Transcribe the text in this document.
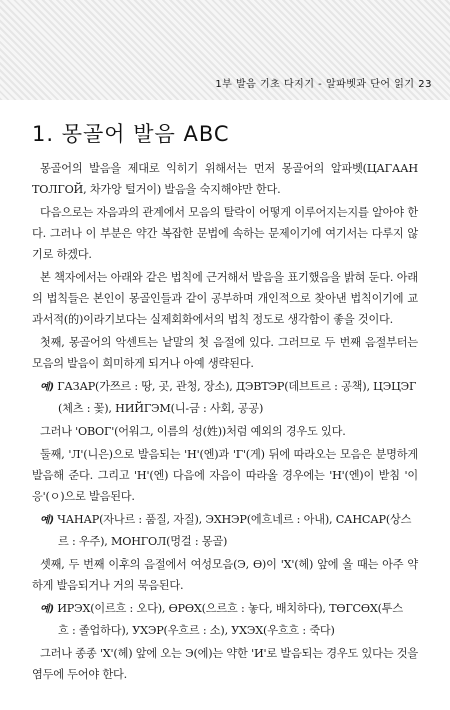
1부 발음 기초 다지기 - 알파벳과 단어 읽기 23
1. 몽골어 발음 ABC

몽골어의 발음을 제대로 익히기 위해서는 먼저 몽골어의 알파벳(ЦАГААН ТОЛГОЙ, 차가앙 털거이) 발음을 숙지해야만 한다.

다음으로는 자음과의 관계에서 모음의 탈락이 어떻게 이루어지는지를 알아야 한다. 그러나 이 부분은 약간 복잡한 문법에 속하는 문제이기에 여기서는 다루지 않기로 하겠다.

본 책자에서는 아래와 같은 법칙에 근거해서 발음을 표기했음을 밝혀 둔다. 아래의 법칙들은 본인이 몽골인들과 같이 공부하며 개인적으로 찾아낸 법칙이기에 교과서적(的)이라기보다는 실제회화에서의 법칙 정도로 생각함이 좋을 것이다.

첫째, 몽골어의 악센트는 낱말의 첫 음절에 있다. 그러므로 두 번째 음절부터는 모음의 발음이 희미하게 되거나 아예 생략된다.

예) ГАЗАР(가쯔르 : 땅, 곳, 관청, 장소), ДЭВТЭР(데브트르 : 공책), ЦЭЦЭГ
(체츠 : 꽃), НИЙГЭМ(니-금 : 사회, 공공)

그러나 'ОВОГ'(어워그, 이름의 성(姓))처럼 예외의 경우도 있다.

둘째, 'Л'(니은)으로 발음되는 'Н'(엔)과 'Г'(게) 뒤에 따라오는 모음은 분명하게 발음해 준다. 그리고 'Н'(엔) 다음에 자음이 따라올 경우에는 'Н'(엔)이 받침 '이응'(ㅇ)으로 발음된다.

예) ЧАНАР(자나르 : 품질, 자질), ЭХНЭР(에흐네르 : 아내), САНСАР(상스
르 : 우주), МОНГОЛ(멍걸 : 몽골)

셋째, 두 번째 이후의 음절에서 여성모음(Э, Ө)이 'Х'(헤) 앞에 올 때는 아주 약하게 발음되거나 거의 묵음된다.

예) ИРЭХ(이르흐 : 오다), ӨРӨХ(으르흐 : 놓다, 배치하다), ТӨГСӨХ(투스
흐 : 졸업하다), УХЭР(우흐르 : 소), УХЭХ(우흐흐 : 죽다)

그러나 종종 'Х'(헤) 앞에 오는 Э(에)는 약한 'И'로 발음되는 경우도 있다는 것을 염두에 두어야 한다.
